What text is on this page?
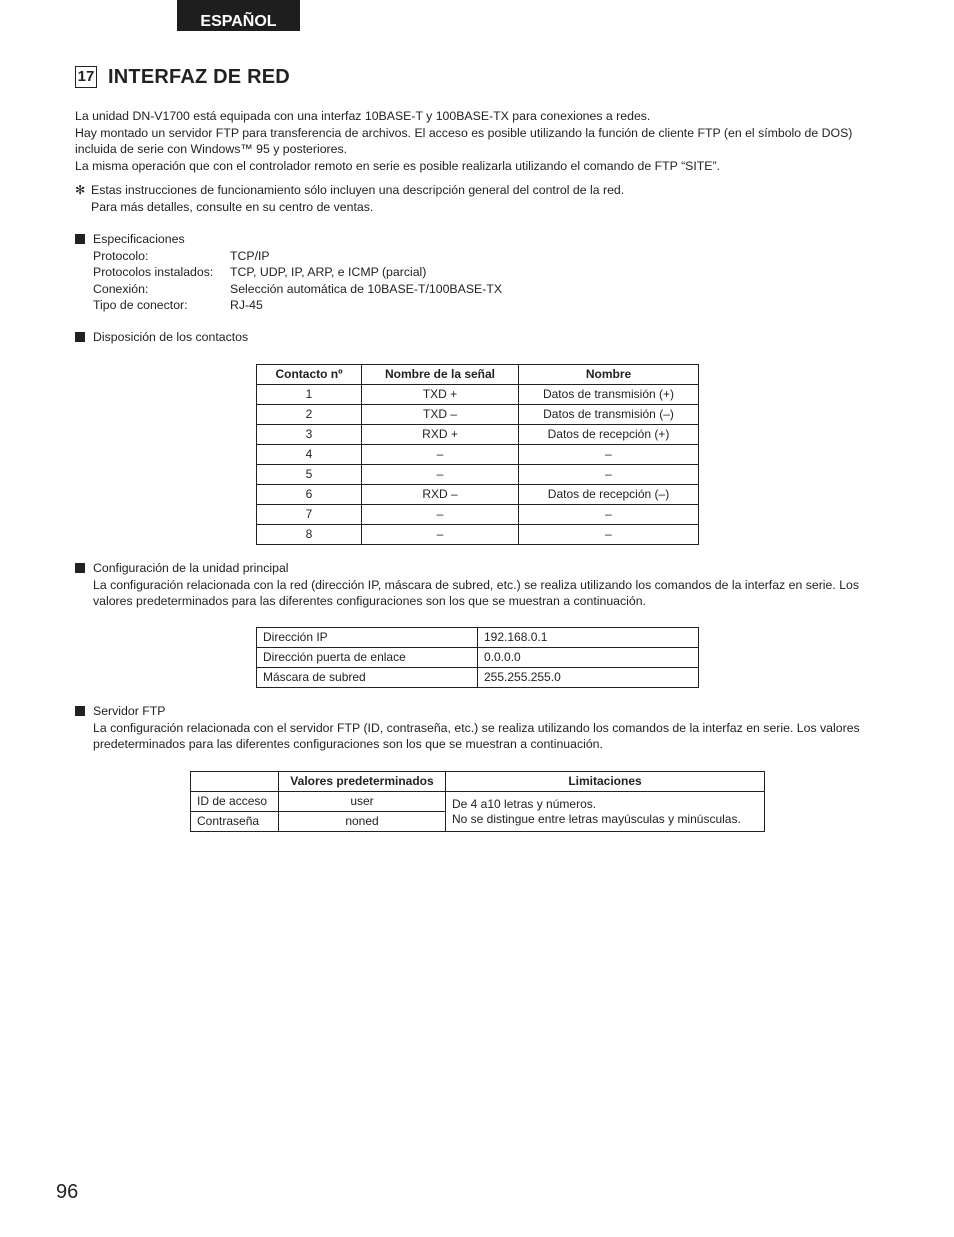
ESPAÑOL
17 INTERFAZ DE RED

La unidad DN-V1700 está equipada con una interfaz 10BASE-T y 100BASE-TX para conexiones a redes.

Hay montado un servidor FTP para transferencia de archivos. El acceso es posible utilizando la función de cliente FTP (en el símbolo de DOS) incluida de serie con Windows™ 95 y posteriores.

La misma operación que con el controlador remoto en serie es posible realizarla utilizando el comando de FTP “SITE”.

✻ Estas instrucciones de funcionamiento sólo incluyen una descripción general del control de la red.

Para más detalles, consulte en su centro de ventas.

Especificaciones
Protocolo:	TCP/IP
Protocolos instalados:	TCP, UDP, IP, ARP, e ICMP (parcial)
Conexión:	Selección automática de 10BASE-T/100BASE-TX
Tipo de conector:	RJ-45
Disposición de los contactos
Contacto nº	Nombre de la señal	Nombre
1	TXD +	Datos de transmisión (+)
2	TXD –	Datos de transmisión (–)
3	RXD +	Datos de recepción (+)
4	–	–
5	–	–
6	RXD –	Datos de recepción (–)
7	–	–
8	–	–
Configuración de la unidad principal
La configuración relacionada con la red (dirección IP, máscara de subred, etc.) se realiza utilizando los comandos de la interfaz en serie. Los valores predeterminados para las diferentes configuraciones son los que se muestran a continuación.
Dirección IP	192.168.0.1
Dirección puerta de enlace	0.0.0.0
Máscara de subred	255.255.255.0
Servidor FTP
La configuración relacionada con el servidor FTP (ID, contraseña, etc.) se realiza utilizando los comandos de la interfaz en serie. Los valores predeterminados para las diferentes configuraciones son los que se muestran a continuación.
	Valores predeterminados	Limitaciones
ID de acceso	user	De 4 a10 letras y números.
No se distingue entre letras mayúsculas y minúsculas.

Contraseña	noned	
96
